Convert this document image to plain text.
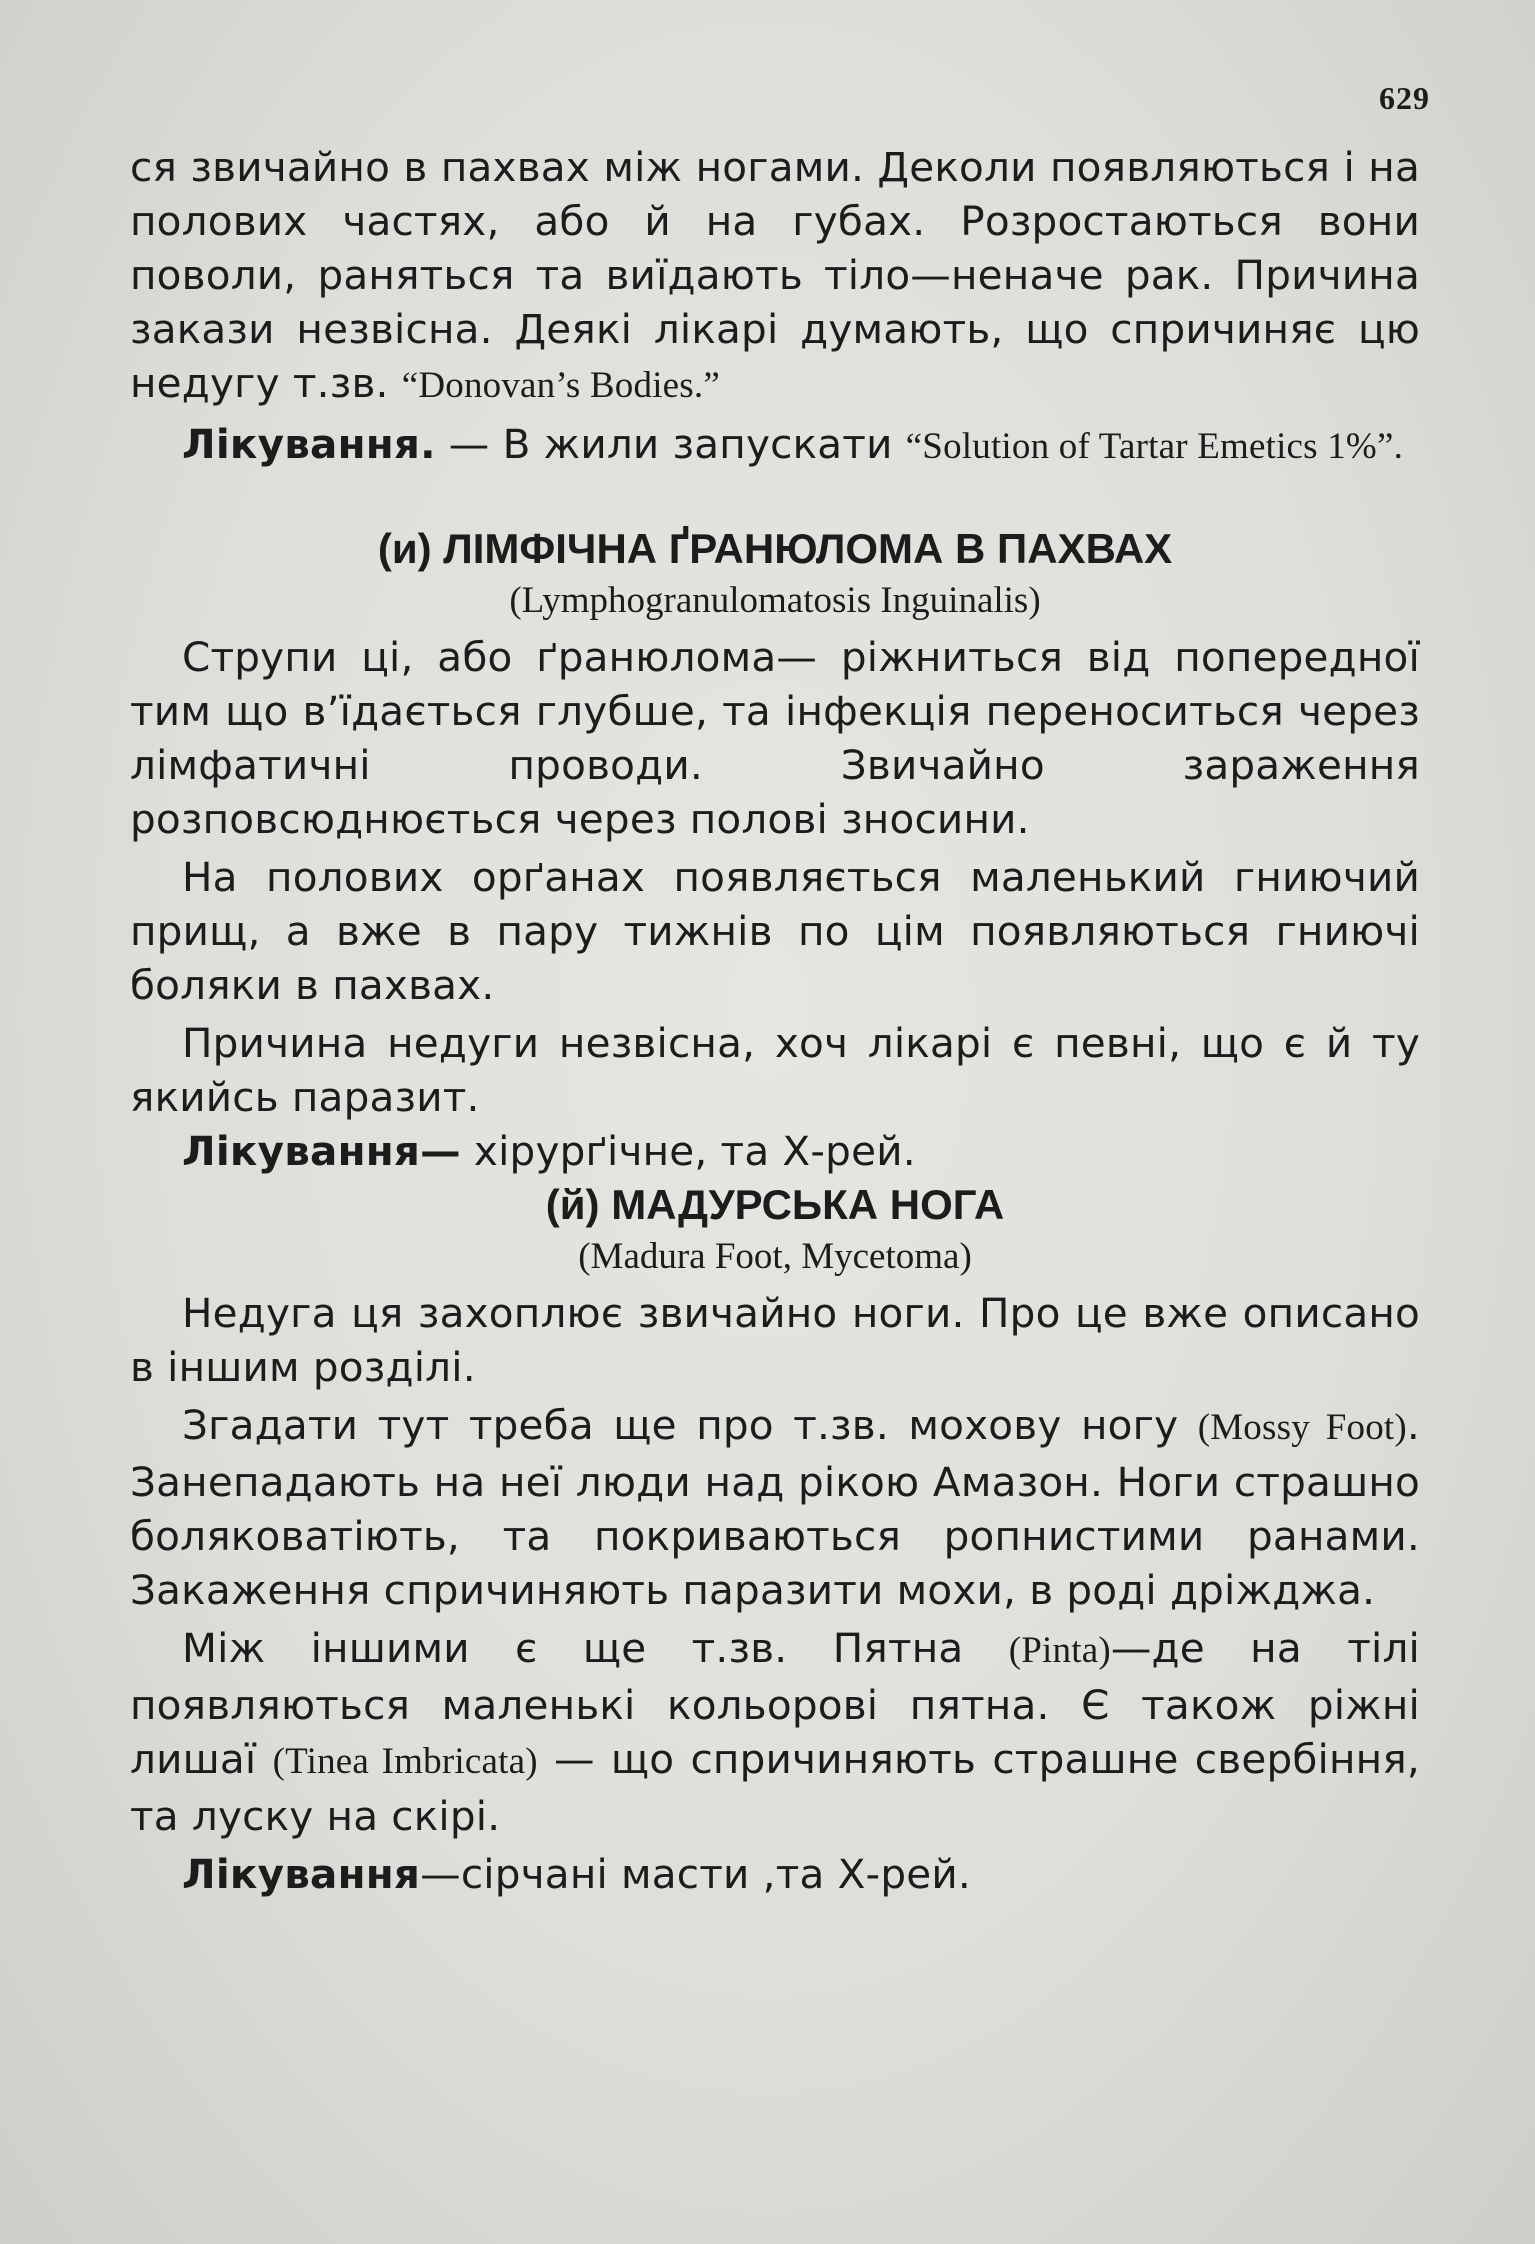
629

ся звичайно в пахвах між ногами. Деколи появляються і на полових частях, або й на губах. Розростаються вони поволи, раняться та виїдають тіло—неначе рак. Причина закази незвісна. Деякі лікарі думають, що спричиняє цю недугу т.зв. “Donovan’s Bodies.”

Лікування. — В жили запускати “Solution of Tartar Emetics 1%”.

(и) ЛІМФІЧНА ҐРАНЮЛОМА В ПАХВАХ
(Lymphogranulomatosis Inguinalis)

Струпи ці, або ґранюлома— ріжниться від попередної тим що в’їдається глубше, та інфекція переноситься через лімфатичні проводи. Звичайно зараження розповсюднюється через полові зносини.

На полових орґанах появляється маленький гниючий прищ, а вже в пару тижнів по цім появляються гниючі боляки в пахвах.

Причина недуги незвісна, хоч лікарі є певні, що є й ту якийсь паразит.

Лікування— хірурґічне, та Х-рей.

(й) МАДУРСЬКА НОГА
(Madura Foot, Mycetoma)

Недуга ця захоплює звичайно ноги. Про це вже описано в іншим розділі.

Згадати тут треба ще про т.зв. мохову ногу (Mossy Foot). Занепадають на неї люди над рікою Амазон. Ноги страшно боляковатіють, та покриваються ропнистими ранами. Закаження спричиняють паразити мохи, в роді дріжджа.

Між іншими є ще т.зв. Пятна (Pinta)—де на тілі появляються маленькі кольорові пятна. Є також ріжні лишаї (Tinea Imbricata) — що спричиняють страшне свербіння, та луску на скірі.

Лікування—сірчані масти ,та Х-рей.
